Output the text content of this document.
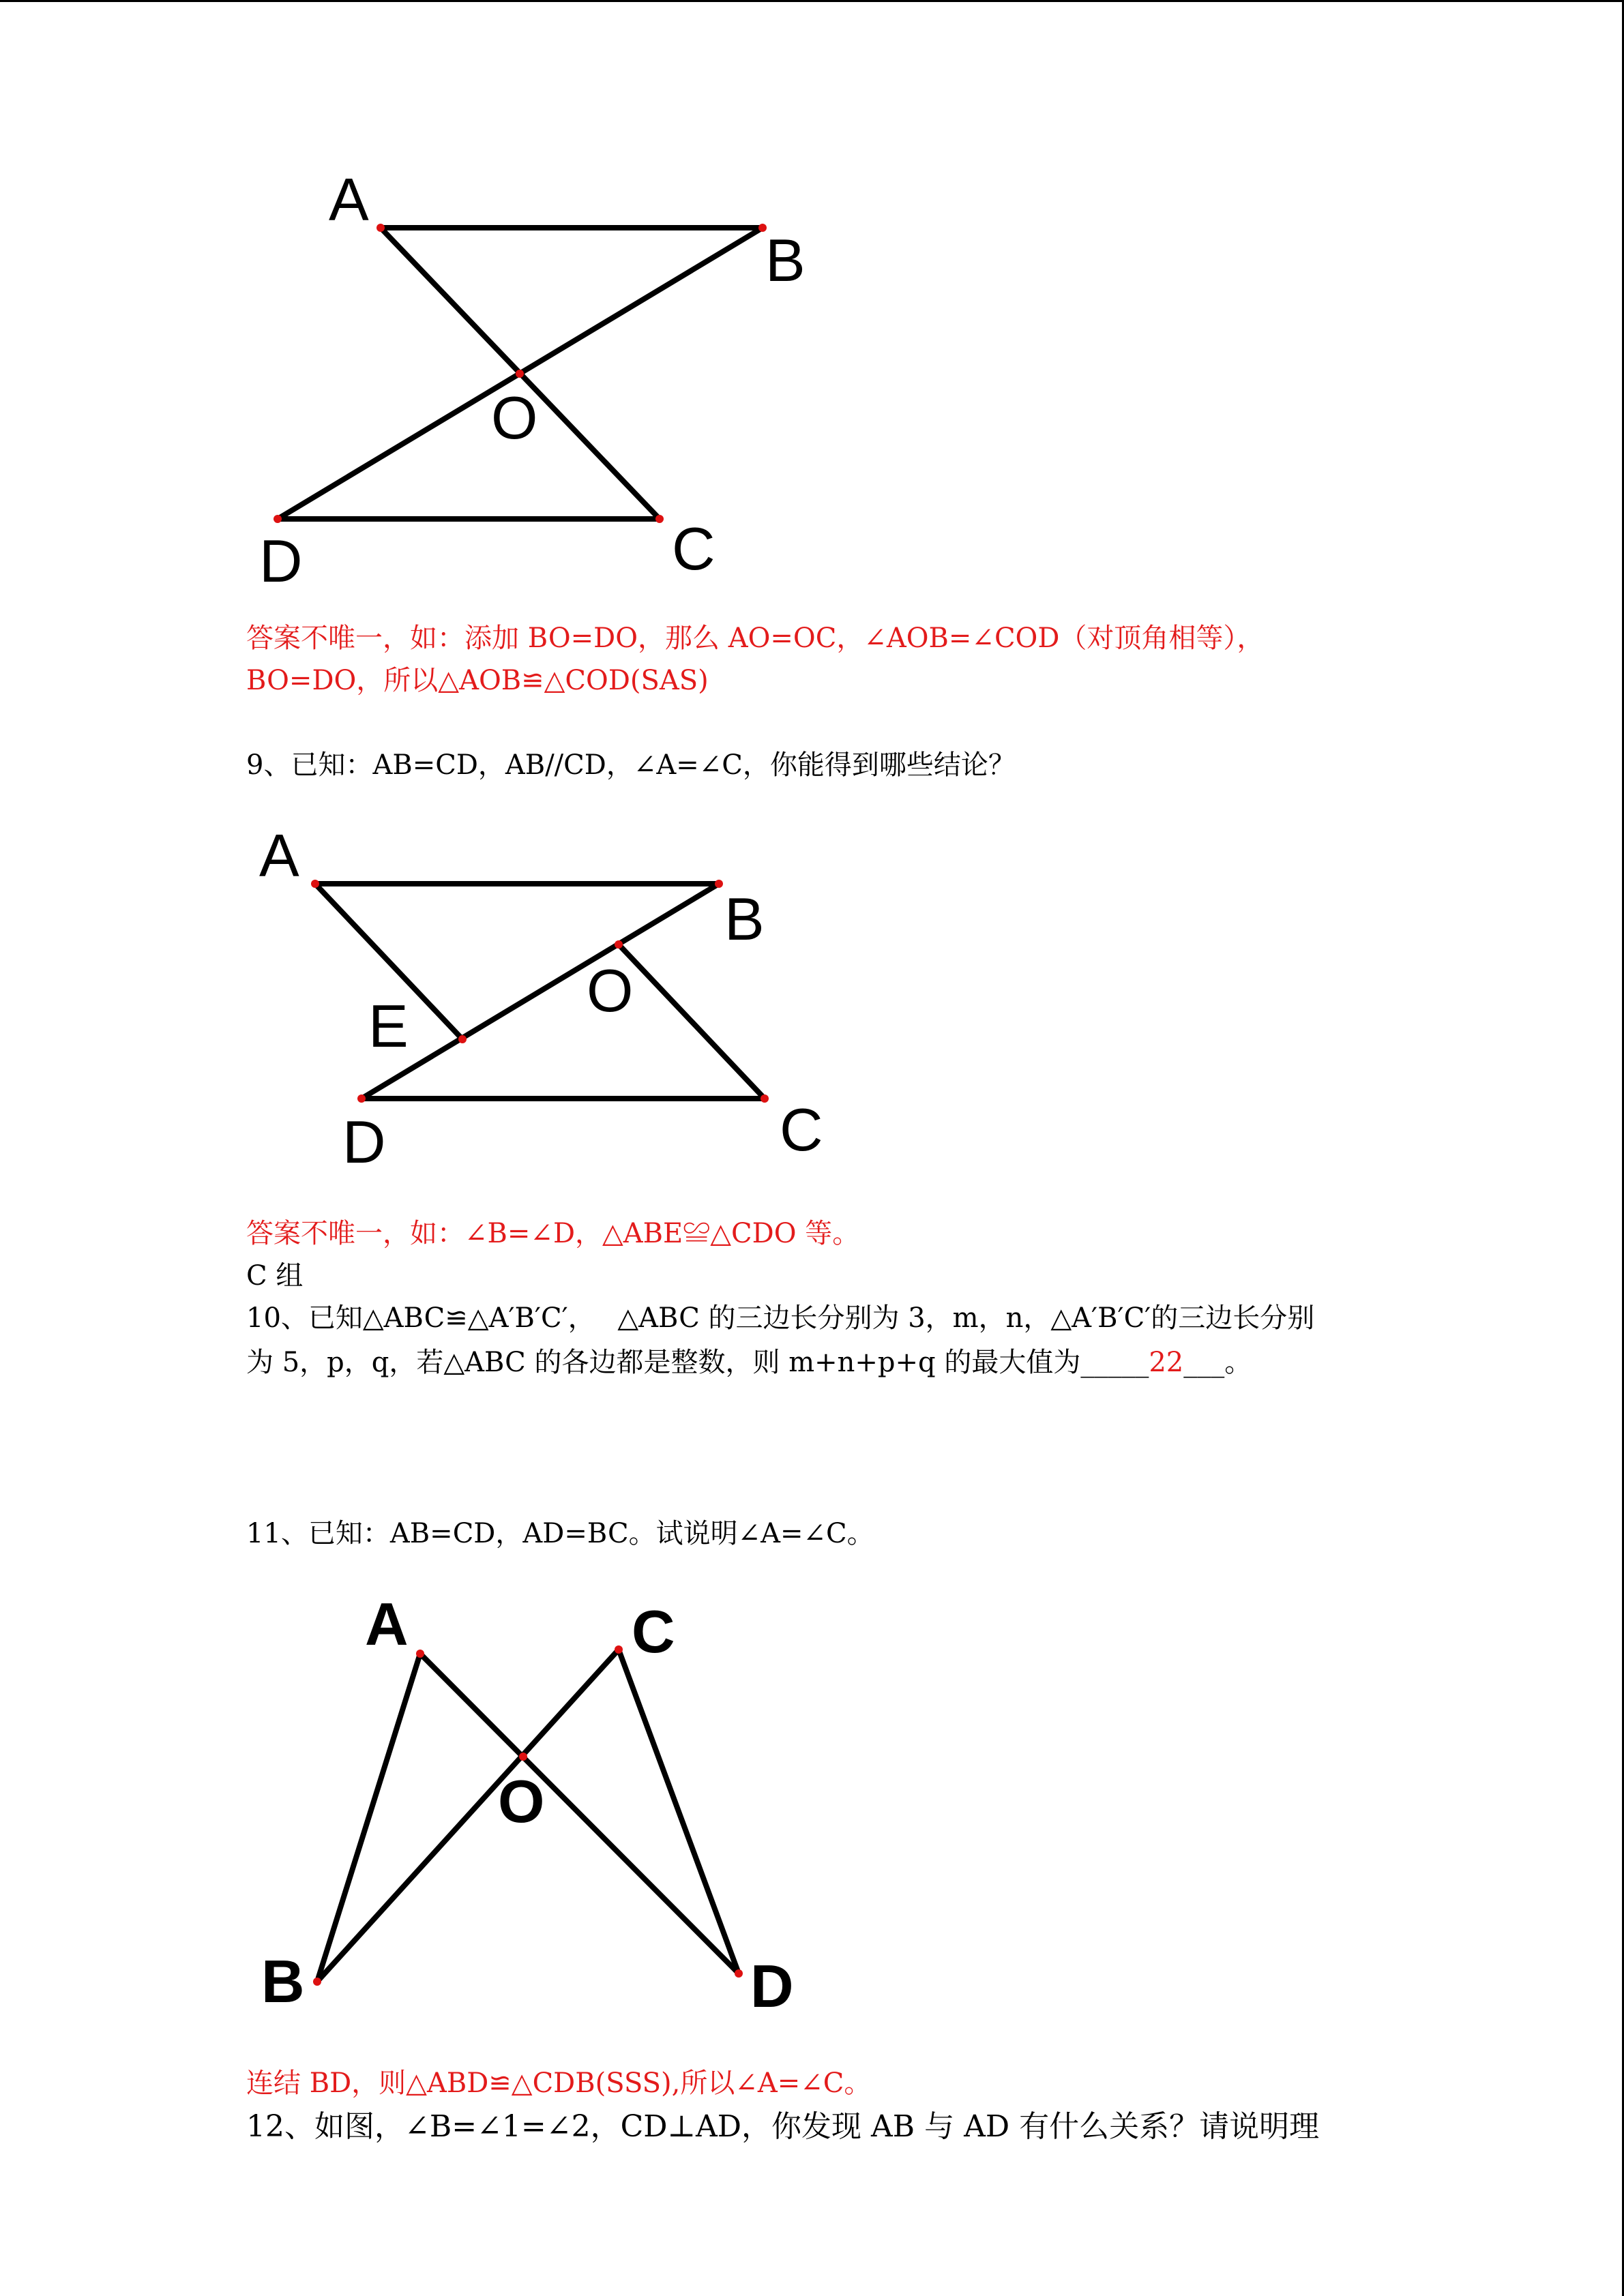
A
B
O
C
D
答案不唯一，如：添加 BO=DO，那么 AO=OC，∠AOB=∠COD（对顶角相等），
BO=DO，所以△AOB≌△COD(SAS)
9、已知：AB=CD，AB//CD，∠A=∠C，你能得到哪些结论？
A
B
O
E
D	C
答案不唯一，如：∠B=∠D，△ABE≌△CDO 等。
C 组
10、已知△ABC≌△A′B′C′，　 △ABC 的三边长分别为 3，m，n，△A′B′C′的三边长分别
为 5，p，q，若△ABC 的各边都是整数，则 m+n+p+q 的最大值为_____22___。
11、已知：AB=CD，AD=BC。试说明∠A=∠C。
A	C
O
B	D
连结 BD，则△ABD≌△CDB(SSS),所以∠A=∠C。
12、如图，∠B=∠1=∠2，CD⊥AD，你发现 AB 与 AD 有什么关系？请说明理
